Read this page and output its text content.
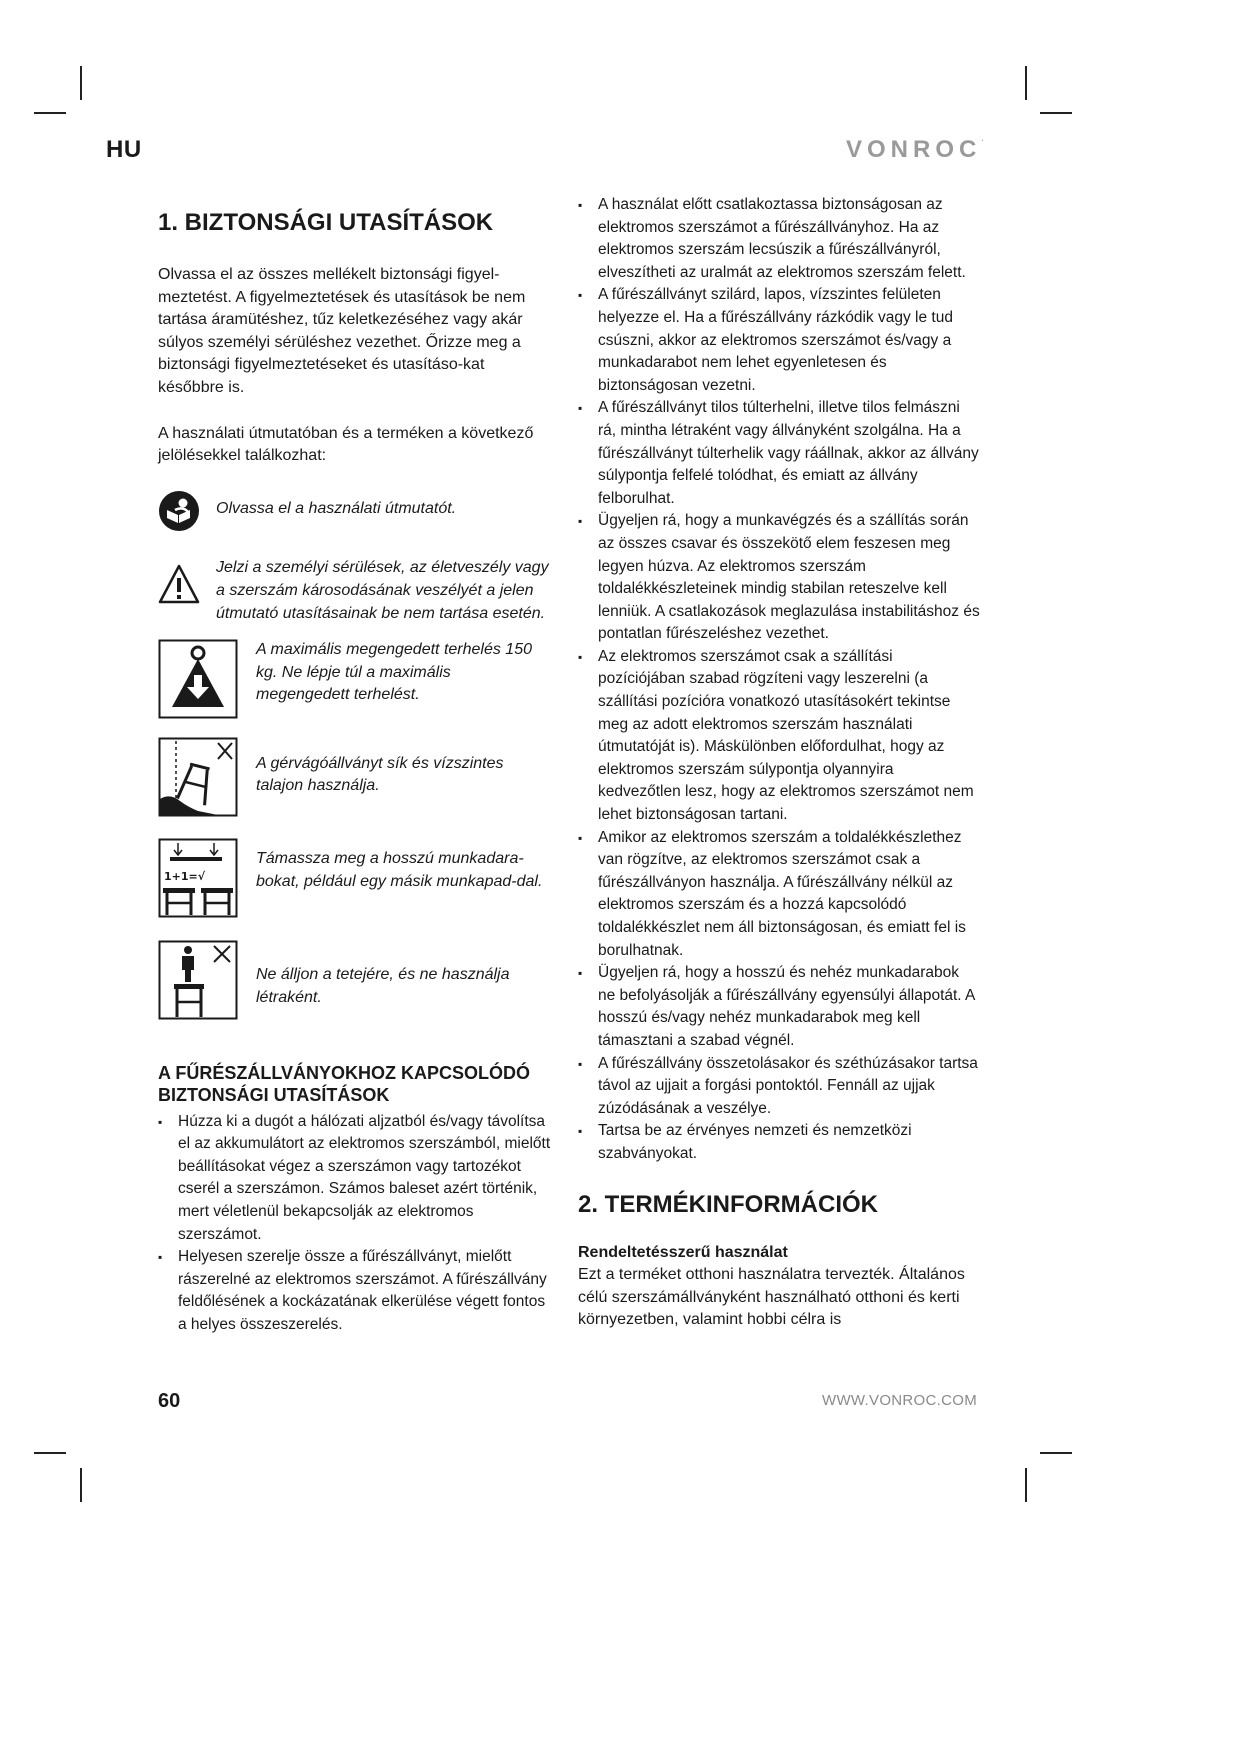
HU	VONROC·
1. BIZTONSÁGI UTASÍTÁSOK

Olvassa el az összes mellékelt biztonsági figyel-meztetést. A figyelmeztetések és utasítások be nem tartása áramütéshez, tűz keletkezéséhez vagy akár súlyos személyi sérüléshez vezethet. Őrizze meg a biztonsági figyelmeztetéseket és utasításo-kat későbbre is.

A használati útmutatóban és a terméken a következő jelölésekkel találkozhat:

Olvassa el a használati útmutatót.
Jelzi a személyi sérülések, az életveszély vagy a szerszám károsodásának veszélyét a jelen útmutató utasításainak be nem tartása esetén.
A maximális megengedett terhelés 150 kg. Ne lépje túl a maximális megengedett terhelést.
A gérvágóállványt sík és vízszintes talajon használja.
1+1=√
Támassza meg a hosszú munkadara-bokat, például egy másik munkapad-dal.
Ne álljon a tetejére, és ne használja létraként.
A FŰRÉSZÁLLVÁNYOKHOZ KAPCSOLÓDÓ BIZTONSÁGI UTASÍTÁSOK
▪ Húzza ki a dugót a hálózati aljzatból és/vagy távolítsa el az akkumulátort az elektromos szerszámból, mielőtt beállításokat végez a szerszámon vagy tartozékot cserél a szerszámon. Számos baleset azért történik, mert véletlenül bekapcsolják az elektromos szerszámot.
▪ Helyesen szerelje össze a fűrészállványt, mielőtt rászerelné az elektromos szerszámot. A fűrészállvány feldőlésének a kockázatának elkerülése végett fontos a helyes összeszerelés.
▪ A használat előtt csatlakoztassa biztonságosan az elektromos szerszámot a fűrészállványhoz. Ha az elektromos szerszám lecsúszik a fűrészállványról, elveszítheti az uralmát az elektromos szerszám felett.
▪ A fűrészállványt szilárd, lapos, vízszintes felületen helyezze el. Ha a fűrészállvány rázkódik vagy le tud csúszni, akkor az elektromos szerszámot és/vagy a munkadarabot nem lehet egyenletesen és biztonságosan vezetni.
▪ A fűrészállványt tilos túlterhelni, illetve tilos felmászni rá, mintha létraként vagy állványként szolgálna. Ha a fűrészállványt túlterhelik vagy ráállnak, akkor az állvány súlypontja felfelé tolódhat, és emiatt az állvány felborulhat.
▪ Ügyeljen rá, hogy a munkavégzés és a szállítás során az összes csavar és összekötő elem feszesen meg legyen húzva. Az elektromos szerszám toldalékkészleteinek mindig stabilan reteszelve kell lenniük. A csatlakozások meglazulása instabilitáshoz és pontatlan fűrészeléshez vezethet.
▪ Az elektromos szerszámot csak a szállítási pozíciójában szabad rögzíteni vagy leszerelni (a szállítási pozícióra vonatkozó utasításokért tekintse meg az adott elektromos szerszám használati útmutatóját is). Máskülönben előfordulhat, hogy az elektromos szerszám súlypontja olyannyira kedvezőtlen lesz, hogy az elektromos szerszámot nem lehet biztonságosan tartani.
▪ Amikor az elektromos szerszám a toldalékkészlethez van rögzítve, az elektromos szerszámot csak a fűrészállványon használja. A fűrészállvány nélkül az elektromos szerszám és a hozzá kapcsolódó toldalékkészlet nem áll biztonságosan, és emiatt fel is borulhatnak.
▪ Ügyeljen rá, hogy a hosszú és nehéz munkadarabok ne befolyásolják a fűrészállvány egyensúlyi állapotát. A hosszú és/vagy nehéz munkadarabok meg kell támasztani a szabad végnél.
▪ A fűrészállvány összetolásakor és széthúzásakor tartsa távol az ujjait a forgási pontoktól. Fennáll az ujjak zúzódásának a veszélye.
▪ Tartsa be az érvényes nemzeti és nemzetközi szabványokat.
2. TERMÉKINFORMÁCIÓK
Rendeltetésszerű használat

Ezt a terméket otthoni használatra tervezték. Általános célú szerszámállványként használható otthoni és kerti környezetben, valamint hobbi célra is

60	WWW.VONROC.COM
